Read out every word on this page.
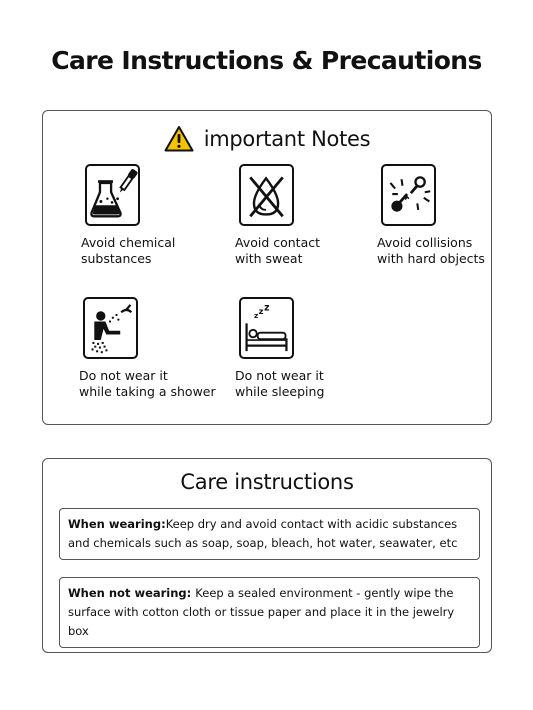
Care Instructions & Precautions
important Notes
Avoid chemical
substances
Avoid contact
with sweat
Avoid collisions
with hard objects
Do not wear it
while taking a shower
z z z
Do not wear it
while sleeping
Care instructions
When wearing:Keep dry and avoid contact with acidic substances and chemicals such as soap, soap, bleach, hot water, seawater, etc
When not wearing: Keep a sealed environment - gently wipe the surface with cotton cloth or tissue paper and place it in the jewelry box
